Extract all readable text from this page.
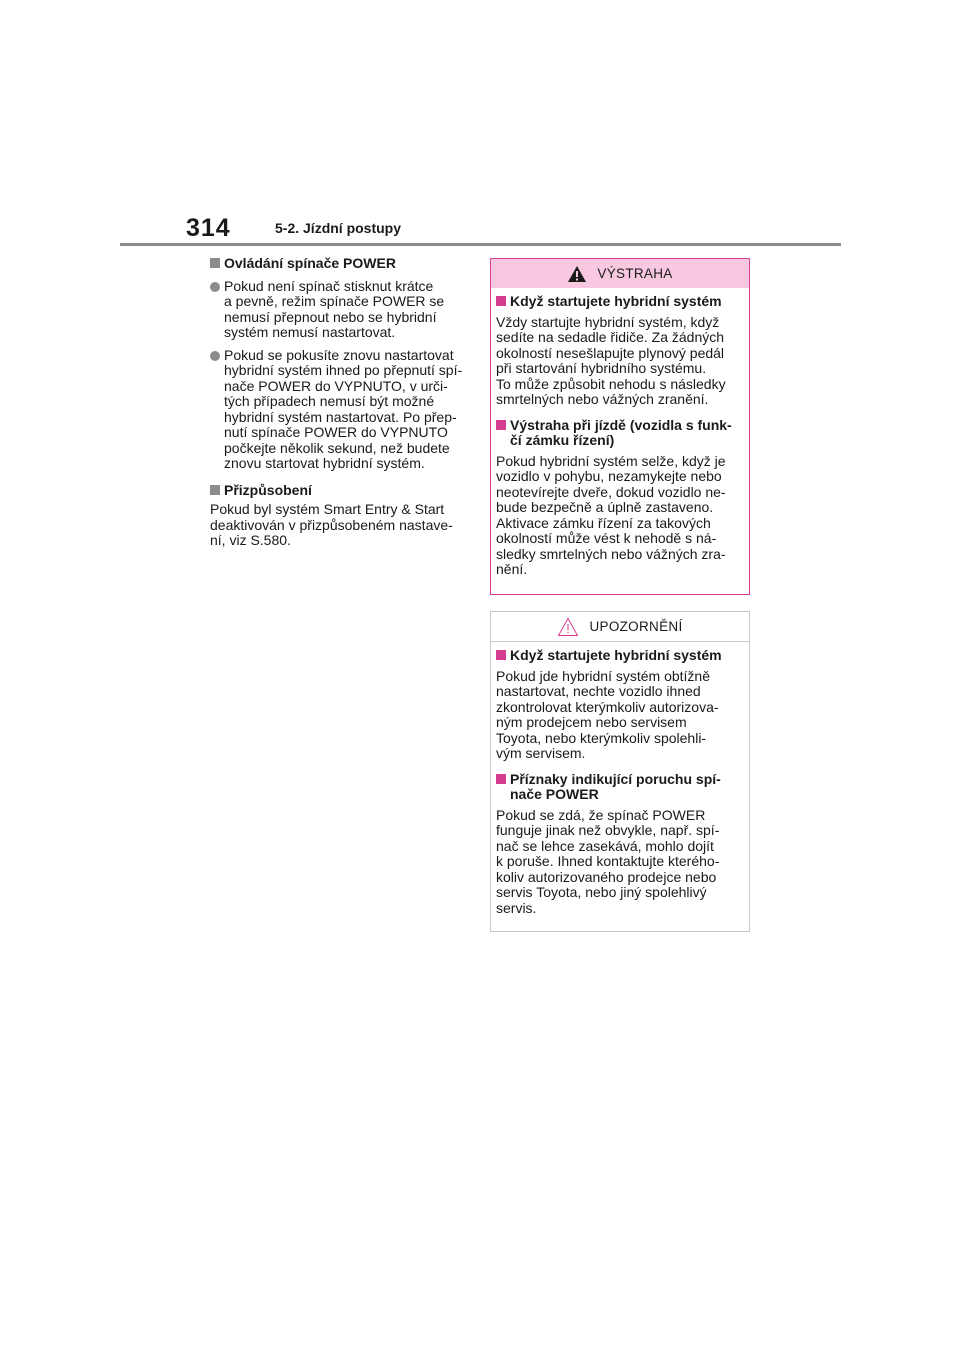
314	5-2. Jízdní postupy
Ovládání spínače POWER
Pokud není spínač stisknut krátce
a pevně, režim spínače POWER se
nemusí přepnout nebo se hybridní
systém nemusí nastartovat.
Pokud se pokusíte znovu nastartovat
hybridní systém ihned po přepnutí spí-
nače POWER do VYPNUTO, v urči-
tých případech nemusí být možné
hybridní systém nastartovat. Po přep-
nutí spínače POWER do VYPNUTO
počkejte několik sekund, než budete
znovu startovat hybridní systém.
Přizpůsobení
Pokud byl systém Smart Entry & Start
deaktivován v přizpůsobeném nastave-
ní, viz S.580.
VÝSTRAHA
Když startujete hybridní systém
Vždy startujte hybridní systém, když
sedíte na sedadle řidiče. Za žádných
okolností nesešlapujte plynový pedál
při startování hybridního systému.
To může způsobit nehodu s následky
smrtelných nebo vážných zranění.
Výstraha při jízdě (vozidla s funk-
čí zámku řízení)
Pokud hybridní systém selže, když je
vozidlo v pohybu, nezamykejte nebo
neotevírejte dveře, dokud vozidlo ne-
bude bezpečně a úplně zastaveno.
Aktivace zámku řízení za takových
okolností může vést k nehodě s ná-
sledky smrtelných nebo vážných zra-
nění.
UPOZORNĚNÍ
Když startujete hybridní systém
Pokud jde hybridní systém obtížně
nastartovat, nechte vozidlo ihned
zkontrolovat kterýmkoliv autorizova-
ným prodejcem nebo servisem
Toyota, nebo kterýmkoliv spolehli-
vým servisem.
Příznaky indikující poruchu spí-
nače POWER
Pokud se zdá, že spínač POWER
funguje jinak než obvykle, např. spí-
nač se lehce zasekává, mohlo dojít
k poruše. Ihned kontaktujte kterého-
koliv autorizovaného prodejce nebo
servis Toyota, nebo jiný spolehlivý
servis.
